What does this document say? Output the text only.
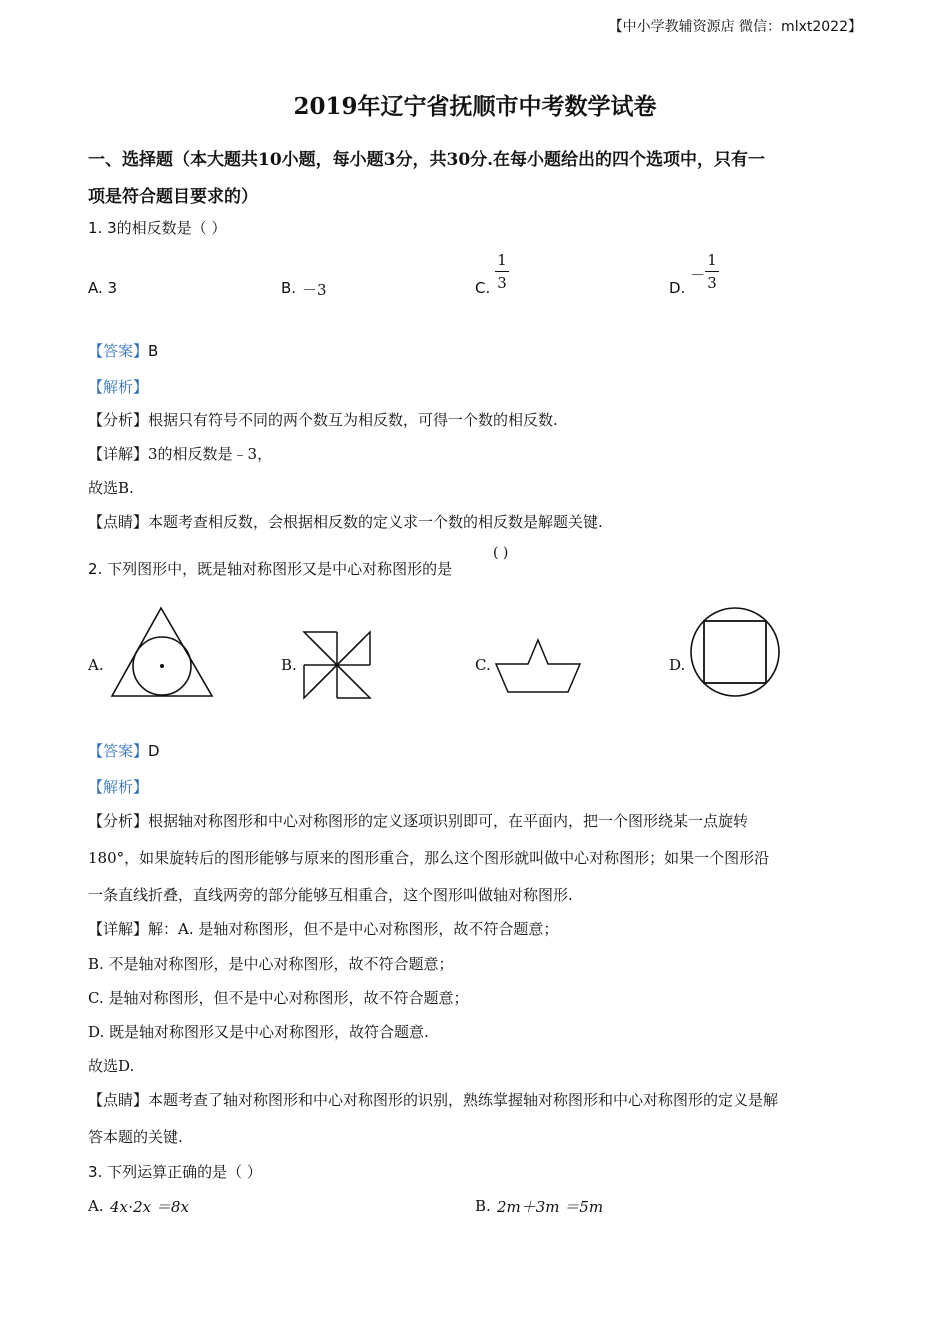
【中小学教辅资源店 微信：mlxt2022】
2019年辽宁省抚顺市中考数学试卷
一、选择题（本大题共10小题，每小题3分，共30分.在每小题给出的四个选项中，只有一
项是符合题目要求的）
1. 3的相反数是（ ）
A. 3	B. －3	C.
1
3	D.
－
1
3
【答案】B
【解析】
【分析】根据只有符号不同的两个数互为相反数，可得一个数的相反数.
【详解】3的相反数是﹣3，
故选B.
【点睛】本题考查相反数，会根据相反数的定义求一个数的相反数是解题关键.
2. 下列图形中，既是轴对称图形又是中心对称图形的是
( )
A.	B.	C.	D.
【答案】D
【解析】
【分析】根据轴对称图形和中心对称图形的定义逐项识别即可，在平面内，把一个图形绕某一点旋转
180°，如果旋转后的图形能够与原来的图形重合，那么这个图形就叫做中心对称图形；如果一个图形沿
一条直线折叠，直线两旁的部分能够互相重合，这个图形叫做轴对称图形.
【详解】解：A. 是轴对称图形，但不是中心对称图形，故不符合题意；
B. 不是轴对称图形，是中心对称图形，故不符合题意；
C. 是轴对称图形，但不是中心对称图形，故不符合题意；
D. 既是轴对称图形又是中心对称图形，故符合题意.
故选D.
【点睛】本题考查了轴对称图形和中心对称图形的识别，熟练掌握轴对称图形和中心对称图形的定义是解
答本题的关键.
3. 下列运算正确的是（ ）
A. 4x⋅2x ＝8x	B. 2m＋3m ＝5m
